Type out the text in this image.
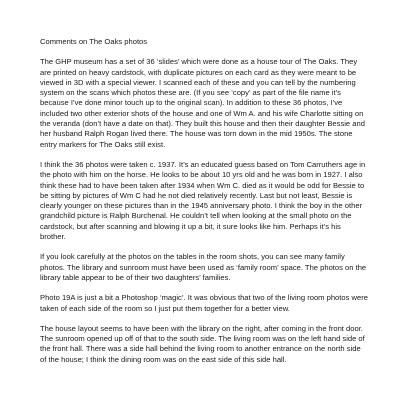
Comments on The Oaks photos

The GHP museum has a set of 36 ‘slides’ which were done as a house tour of The Oaks. They are printed on heavy cardstock, with duplicate pictures on each card as they were meant to be viewed in 3D with a special viewer. I scanned each of these and you can tell by the numbering system on the scans which photos these are. (If you see ‘copy’ as part of the file name it’s because I’ve done minor touch up to the original scan). In addition to these 36 photos, I’ve included two other exterior shots of the house and one of Wm A. and his wife Charlotte sitting on the veranda (don’t have a date on that). They built this house and then their daughter Bessie and her husband Ralph Rogan lived there. The house was torn down in the mid 1950s. The stone entry markers for The Oaks still exist.

I think the 36 photos were taken c. 1937. It’s an educated guess based on Tom Carruthers age in the photo with him on the horse. He looks to be about 10 yrs old and he was born in 1927. I also think these had to have been taken after 1934 when Wm C. died as it would be odd for Bessie to be sitting by pictures of Wm C had he not died relatively recently. Last but not least, Bessie is clearly younger on these pictures than in the 1945 anniversary photo. I think the boy in the other grandchild picture is Ralph Burchenal. He couldn’t tell when looking at the small photo on the cardstock, but after scanning and blowing it up a bit, it sure looks like him. Perhaps it’s his brother.

If you look carefully at the photos on the tables in the room shots, you can see many family photos. The library and sunroom must have been used as ‘family room’ space. The photos on the library table appear to be of their two daughters’ families.

Photo 19A is just a bit a Photoshop ‘magic’. It was obvious that two of the living room photos were taken of each side of the room so I just put them together for a better view.

The house layout seems to have been with the library on the right, after coming in the front door. The sunroom opened up off of that to the south side. The living room was on the left hand side of the front hall. There was a side hall behind the living room to another entrance on the north side of the house; I think the dining room was on the east side of this side hall.
